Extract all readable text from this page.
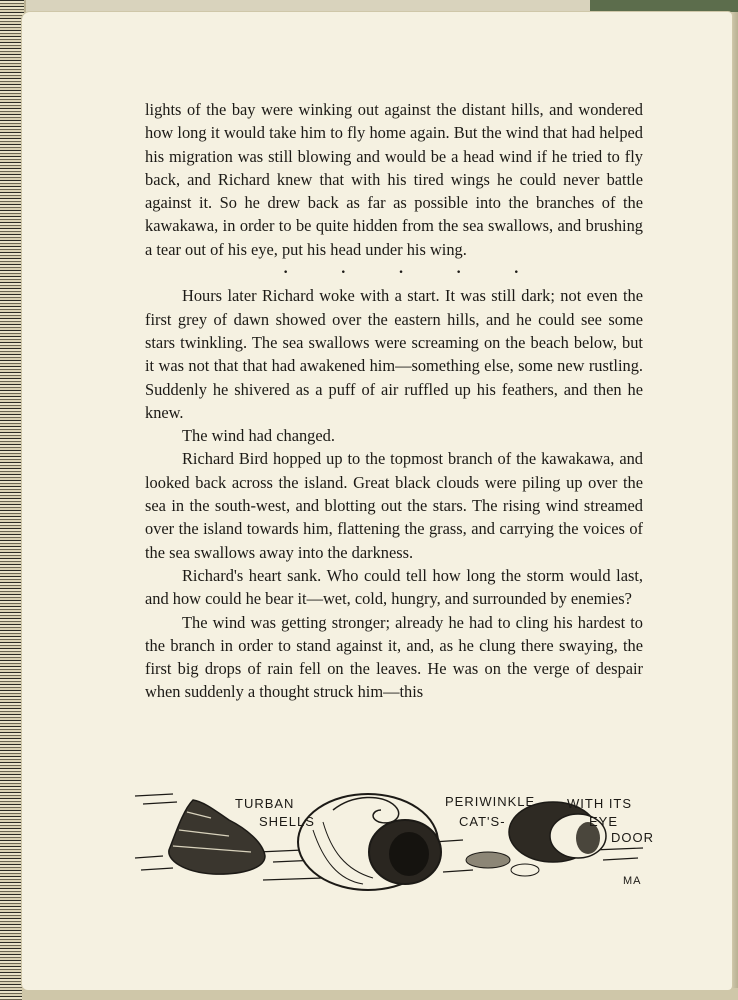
lights of the bay were winking out against the distant hills, and wondered how long it would take him to fly home again. But the wind that had helped his migration was still blowing and would be a head wind if he tried to fly back, and Richard knew that with his tired wings he could never battle against it. So he drew back as far as possible into the branches of the kawakawa, in order to be quite hidden from the sea swallows, and brushing a tear out of his eye, put his head under his wing.

·	·	·	·	·

Hours later Richard woke with a start. It was still dark; not even the first grey of dawn showed over the eastern hills, and he could see some stars twinkling. The sea swallows were screaming on the beach below, but it was not that that had awakened him—something else, some new rustling. Suddenly he shivered as a puff of air ruffled up his feathers, and then he knew.

The wind had changed.

Richard Bird hopped up to the topmost branch of the kawakawa, and looked back across the island. Great black clouds were piling up over the sea in the south-west, and blotting out the stars. The rising wind streamed over the island towards him, flattening the grass, and carrying the voices of the sea swallows away into the darkness.

Richard's heart sank. Who could tell how long the storm would last, and how could he bear it—wet, cold, hungry, and surrounded by enemies?

The wind was getting stronger; already he had to cling his hardest to the branch in order to stand against it, and, as he clung there swaying, the first big drops of rain fell on the leaves. He was on the verge of despair when suddenly a thought struck him—this

TURBAN
SHELLS
PERIWINKLE WITH ITS
CAT'S-	EYE
DOOR
MA
